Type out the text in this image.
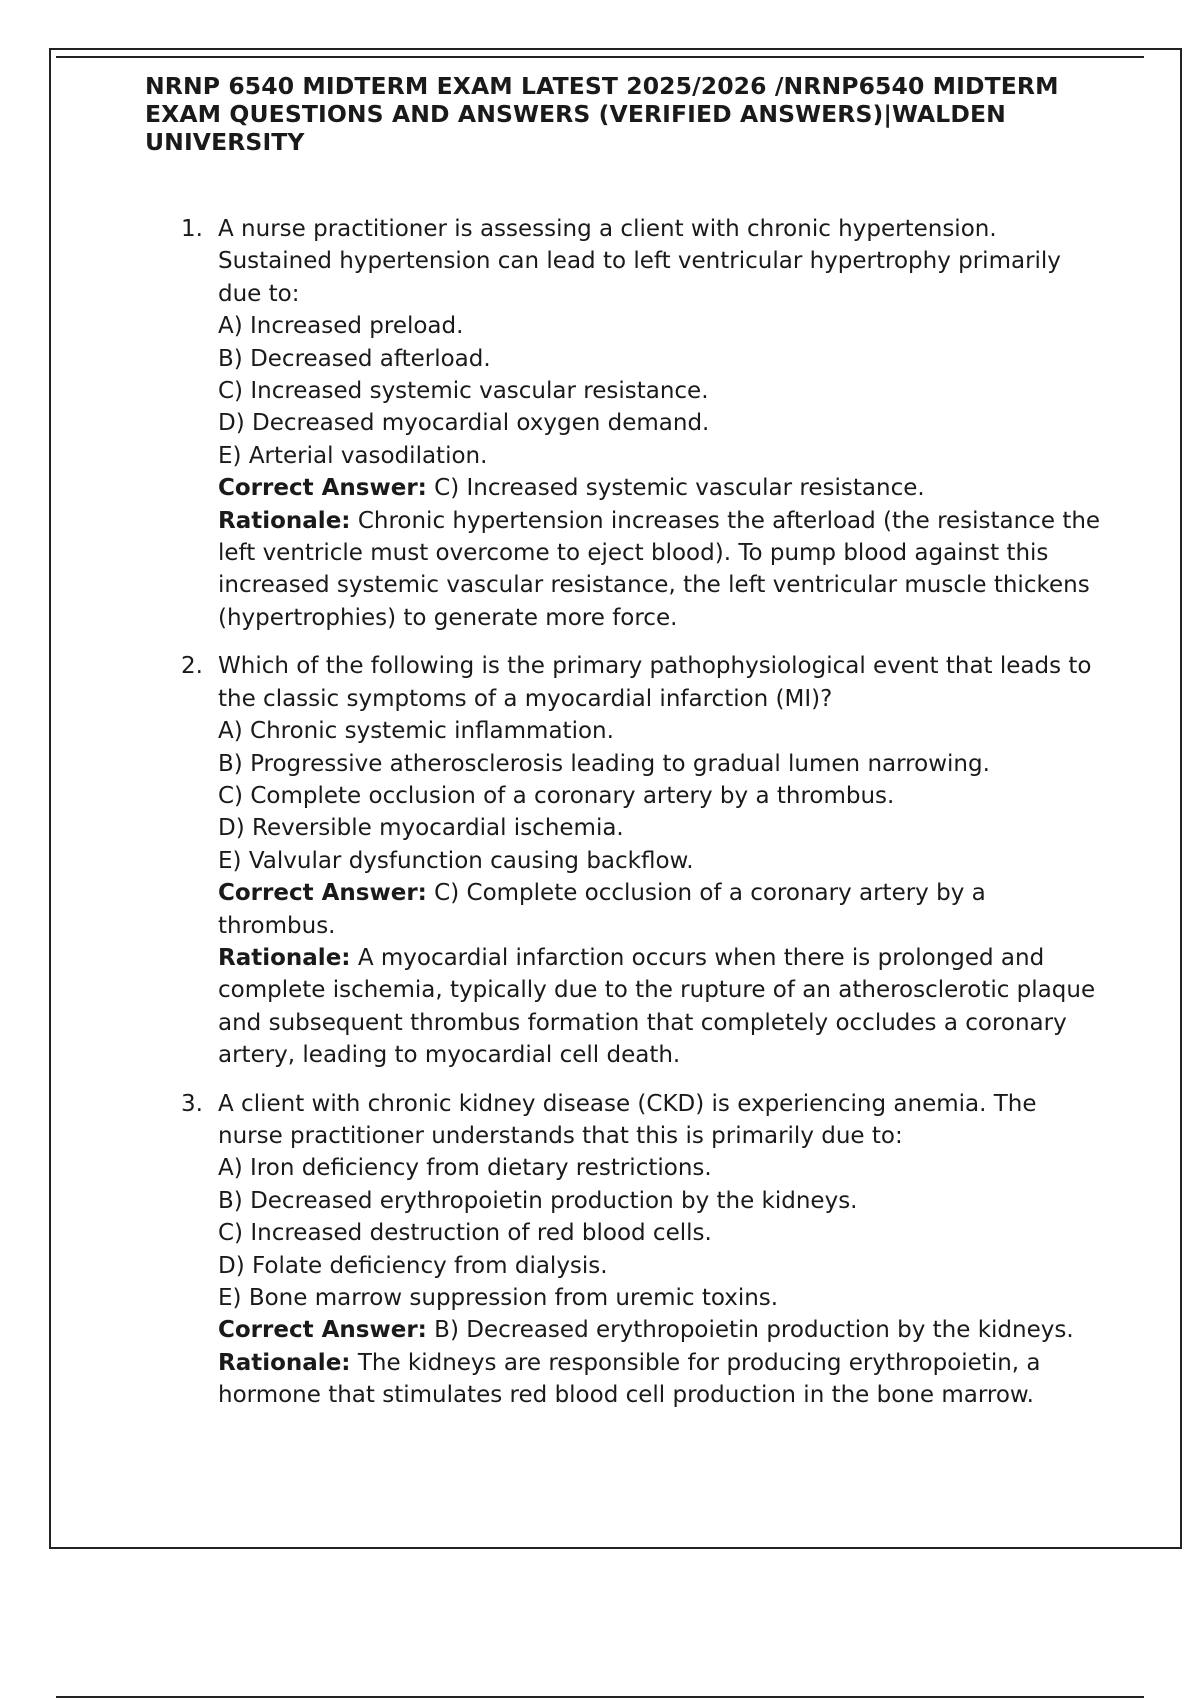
NRNP 6540 MIDTERM EXAM LATEST 2025/2026 /NRNP6540 MIDTERM EXAM QUESTIONS AND ANSWERS (VERIFIED ANSWERS)|WALDEN UNIVERSITY
1. A nurse practitioner is assessing a client with chronic hypertension. Sustained hypertension can lead to left ventricular hypertrophy primarily due to:
A) Increased preload.
B) Decreased afterload.
C) Increased systemic vascular resistance.
D) Decreased myocardial oxygen demand.
E) Arterial vasodilation.

Correct Answer: C) Increased systemic vascular resistance.

Rationale: Chronic hypertension increases the afterload (the resistance the left ventricle must overcome to eject blood). To pump blood against this increased systemic vascular resistance, the left ventricular muscle thickens (hypertrophies) to generate more force.

2. Which of the following is the primary pathophysiological event that leads to the classic symptoms of a myocardial infarction (MI)?
A) Chronic systemic inflammation.
B) Progressive atherosclerosis leading to gradual lumen narrowing.
C) Complete occlusion of a coronary artery by a thrombus.
D) Reversible myocardial ischemia.
E) Valvular dysfunction causing backflow.

Correct Answer: C) Complete occlusion of a coronary artery by a thrombus.

Rationale: A myocardial infarction occurs when there is prolonged and complete ischemia, typically due to the rupture of an atherosclerotic plaque and subsequent thrombus formation that completely occludes a coronary artery, leading to myocardial cell death.

3. A client with chronic kidney disease (CKD) is experiencing anemia. The nurse practitioner understands that this is primarily due to:
A) Iron deficiency from dietary restrictions.
B) Decreased erythropoietin production by the kidneys.
C) Increased destruction of red blood cells.
D) Folate deficiency from dialysis.
E) Bone marrow suppression from uremic toxins.

Correct Answer: B) Decreased erythropoietin production by the kidneys.

Rationale: The kidneys are responsible for producing erythropoietin, a hormone that stimulates red blood cell production in the bone marrow.
